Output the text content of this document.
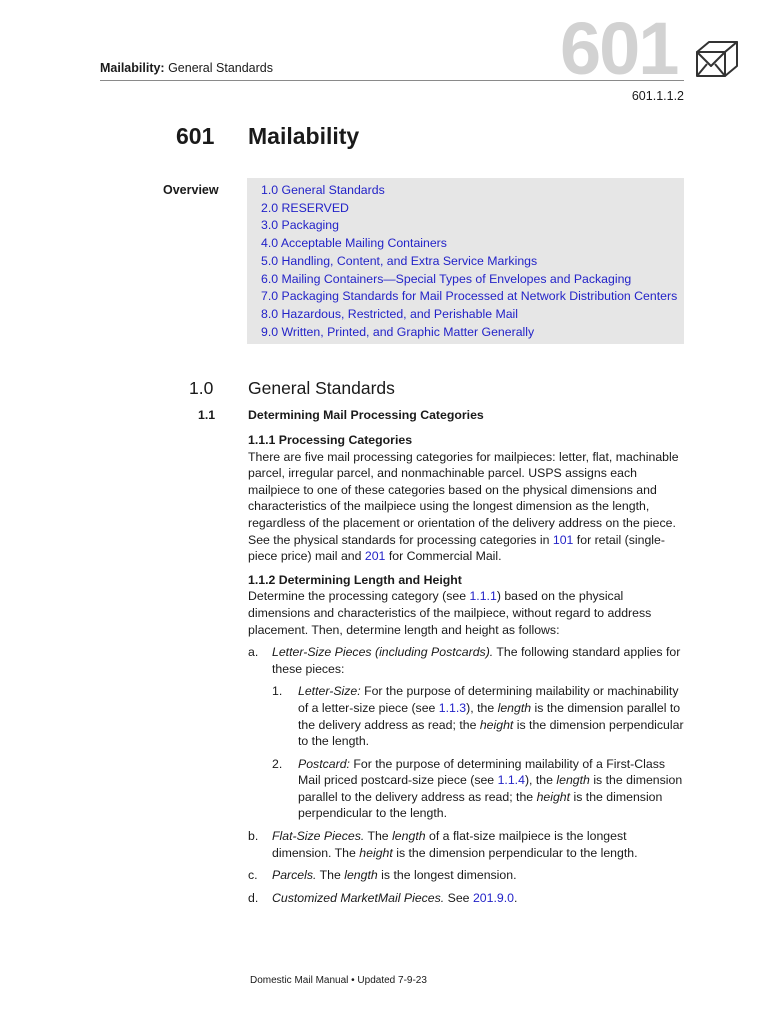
Mailability: General Standards	601
601.1.1.2
601 Mailability
Overview	1.0 General Standards
2.0 RESERVED
3.0 Packaging
4.0 Acceptable Mailing Containers
5.0 Handling, Content, and Extra Service Markings
6.0 Mailing Containers—Special Types of Envelopes and Packaging
7.0 Packaging Standards for Mail Processed at Network Distribution Centers
8.0 Hazardous, Restricted, and Perishable Mail
9.0 Written, Printed, and Graphic Matter Generally
1.0 General Standards
1.1	Determining Mail Processing Categories
1.1.1 Processing Categories

There are five mail processing categories for mailpieces: letter, flat, machinable parcel, irregular parcel, and nonmachinable parcel. USPS assigns each mailpiece to one of these categories based on the physical dimensions and characteristics of the mailpiece using the longest dimension as the length, regardless of the placement or orientation of the delivery address on the piece. See the physical standards for processing categories in 101 for retail (single-piece price) mail and 201 for Commercial Mail.

1.1.2 Determining Length and Height

Determine the processing category (see 1.1.1) based on the physical dimensions and characteristics of the mailpiece, without regard to address placement. Then, determine length and height as follows:

a.	Letter-Size Pieces (including Postcards). The following standard applies for these pieces:
1.	Letter-Size: For the purpose of determining mailability or machinability of a letter-size piece (see 1.1.3), the length is the dimension parallel to the delivery address as read; the height is the dimension perpendicular to the length.
2.	Postcard: For the purpose of determining mailability of a First-Class Mail priced postcard-size piece (see 1.1.4), the length is the dimension parallel to the delivery address as read; the height is the dimension perpendicular to the length.
b.	Flat-Size Pieces. The length of a flat-size mailpiece is the longest dimension. The height is the dimension perpendicular to the length.
c.	Parcels. The length is the longest dimension.
d.	Customized MarketMail Pieces. See 201.9.0.
Domestic Mail Manual • Updated 7-9-23
